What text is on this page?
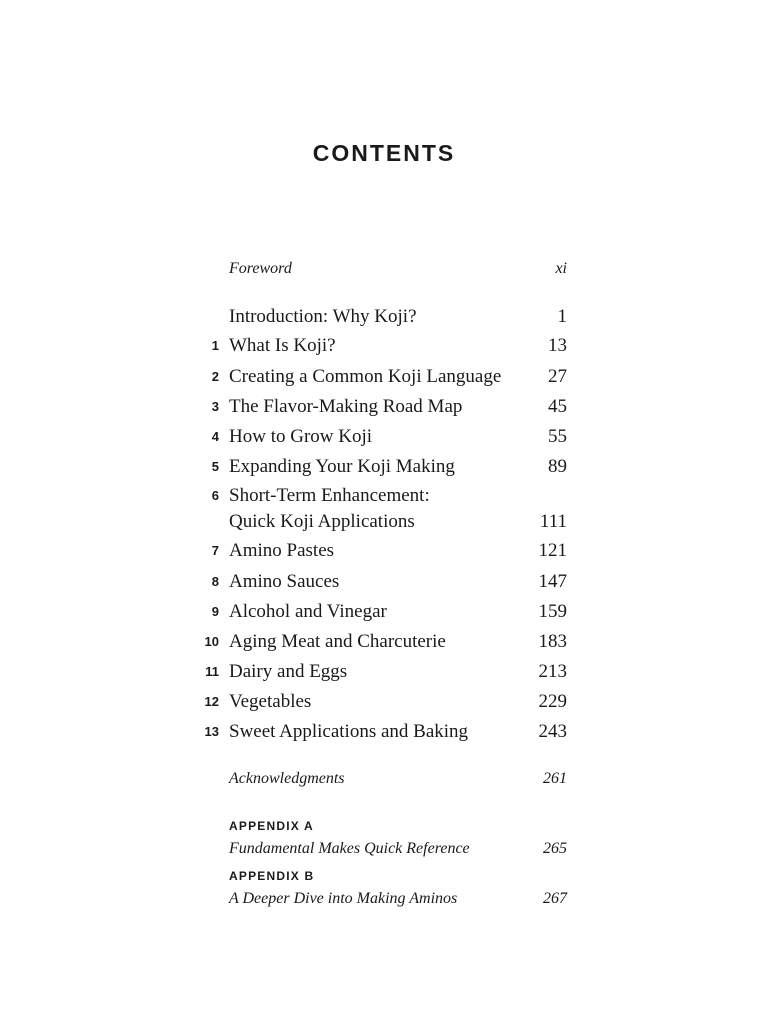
CONTENTS
Foreword	xi
Introduction: Why Koji?	1
1 What Is Koji?	13
2 Creating a Common Koji Language 27
3 The Flavor-Making Road Map	45
4 How to Grow Koji	55
5 Expanding Your Koji Making	89
6 Short-Term Enhancement:
Quick Koji Applications	111
7 Amino Pastes	121
8 Amino Sauces	147
9 Alcohol and Vinegar	159
10 Aging Meat and Charcuterie	183
11 Dairy and Eggs	213
12 Vegetables	229
13 Sweet Applications and Baking	243
Acknowledgments	261
APPENDIX A
Fundamental Makes Quick Reference	265
APPENDIX B
A Deeper Dive into Making Aminos	267
